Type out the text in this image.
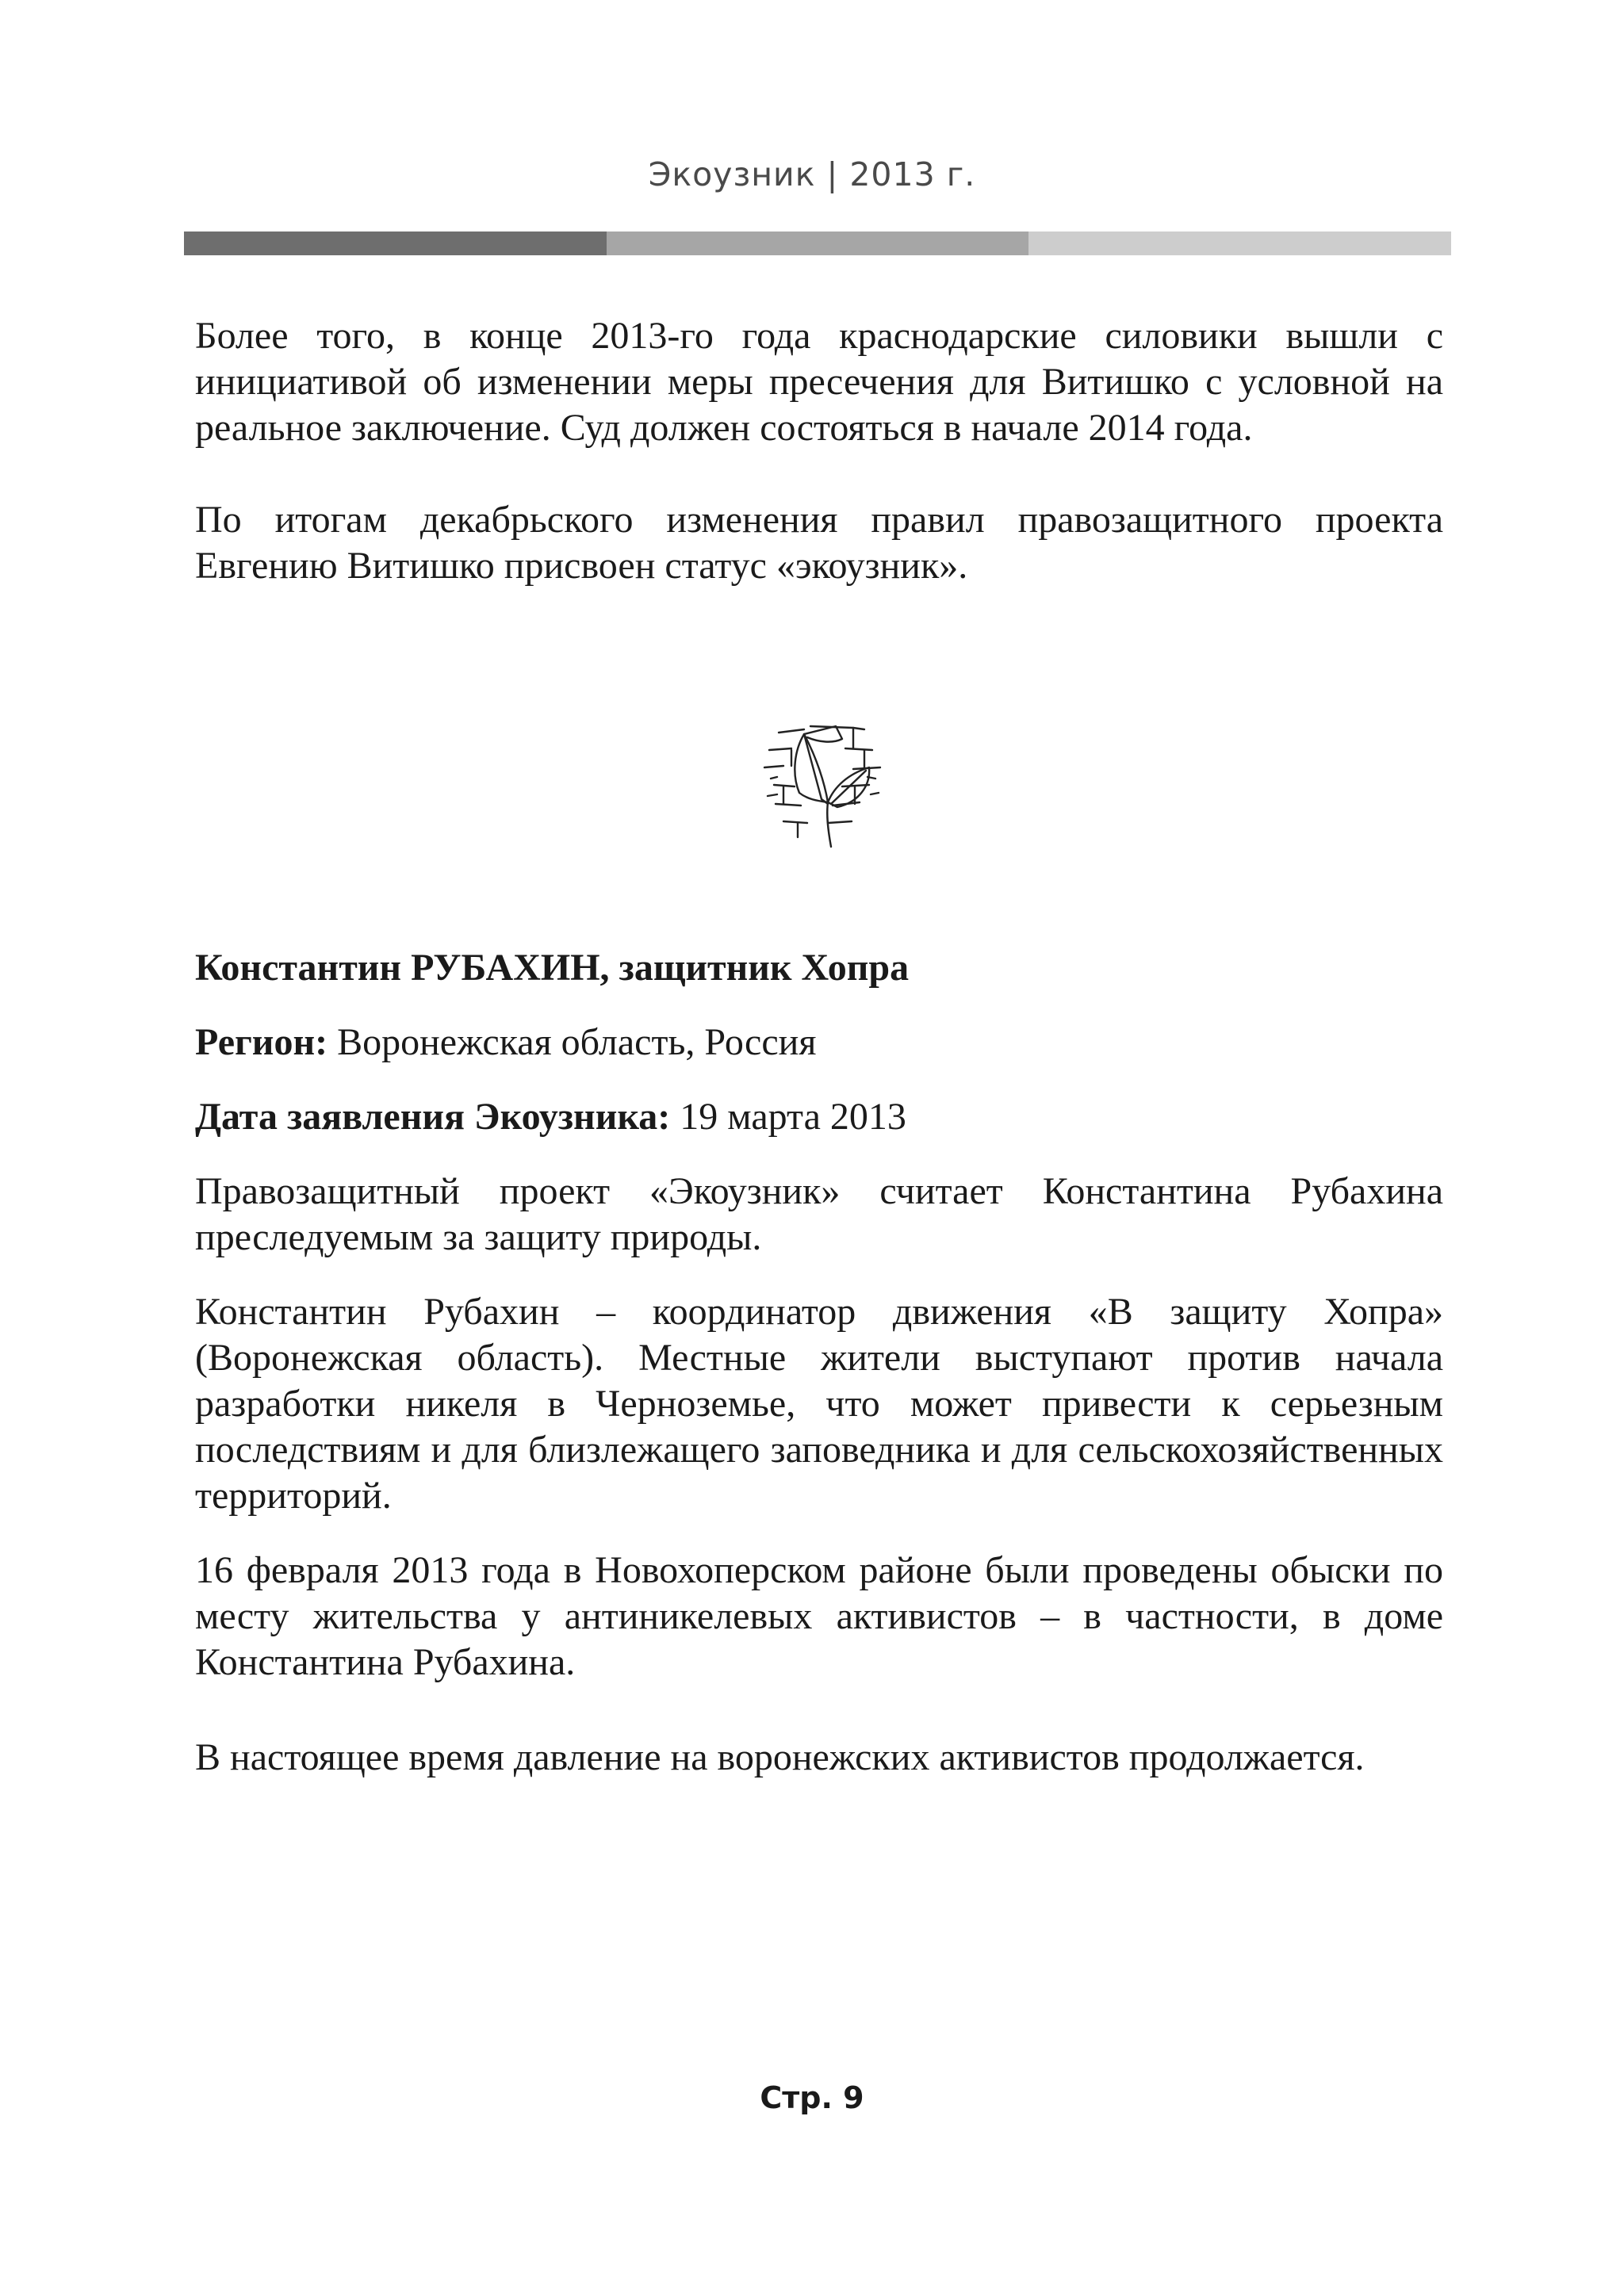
Экоузник | 2013 г.

Более того, в конце 2013-го года краснодарские силовики вышли с инициативой об изменении меры пресечения для Витишко с условной на реальное заключение. Суд должен состояться в начале 2014 года.

По итогам декабрьского изменения правил правозащитного проекта Евгению Витишко присвоен статус «экоузник».

Константин РУБАХИН, защитник Хопра

Регион: Воронежская область, Россия

Дата заявления Экоузника: 19 марта 2013

Правозащитный проект «Экоузник» считает Константина Рубахина преследуемым за защиту природы.

Константин Рубахин – координатор движения «В защиту Хопра» (Воронежская область). Местные жители выступают против начала разработки никеля в Черноземье, что может привести к серьезным последствиям и для близлежащего заповедника и для сельскохозяйственных территорий.

16 февраля 2013 года в Новохоперском районе были проведены обыски по месту жительства у антиникелевых активистов – в частности, в доме Константина Рубахина.

В настоящее время давление на воронежских активистов продолжается.

Стр. 9
